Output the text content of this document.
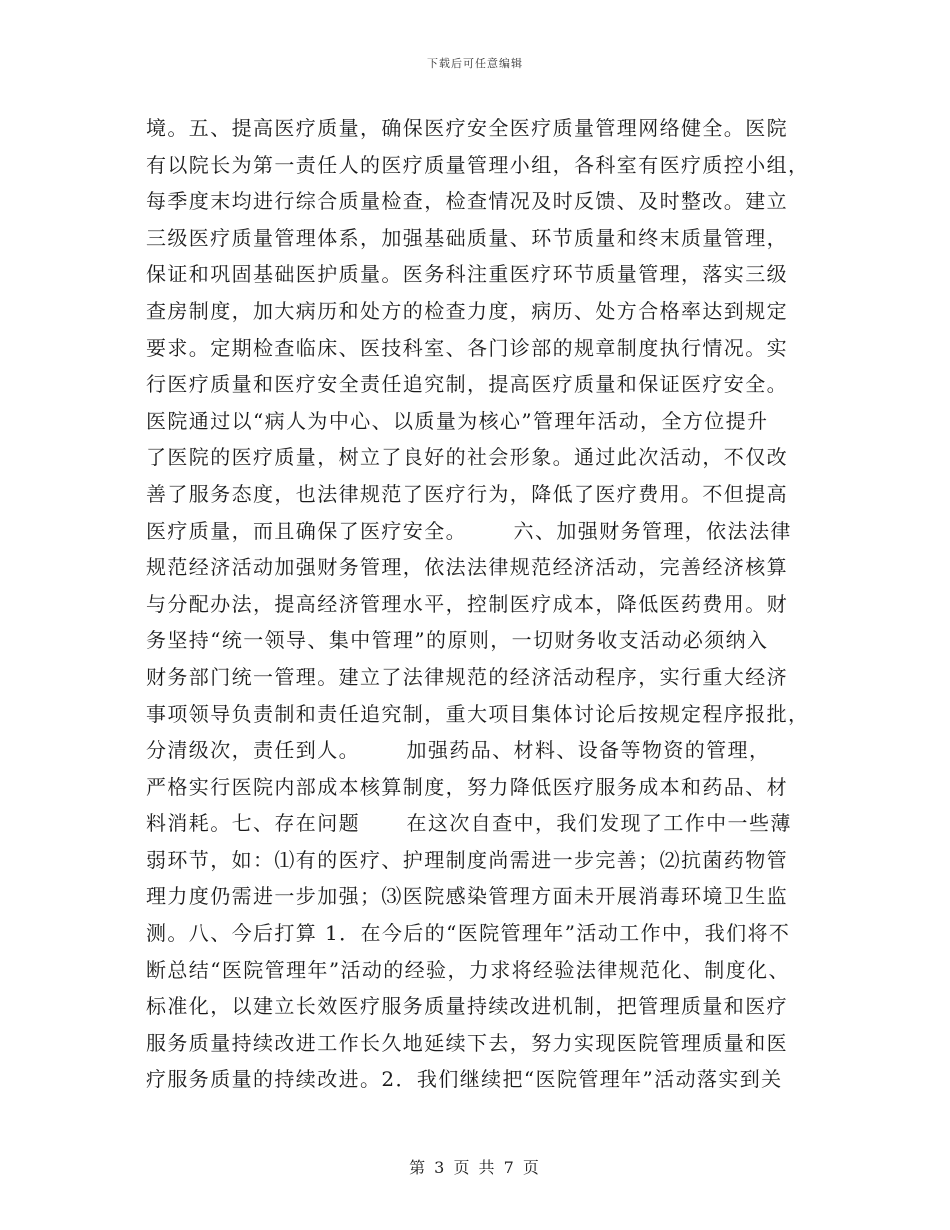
下载后可任意编辑
境。五、提高医疗质量，确保医疗安全医疗质量管理网络健全。医院
有以院长为第一责任人的医疗质量管理小组，各科室有医疗质控小组，
每季度末均进行综合质量检查，检查情况及时反馈、及时整改。建立
三级医疗质量管理体系，加强基础质量、环节质量和终末质量管理，
保证和巩固基础医护质量。医务科注重医疗环节质量管理，落实三级
查房制度，加大病历和处方的检查力度，病历、处方合格率达到规定
要求。定期检查临床、医技科室、各门诊部的规章制度执行情况。实
行医疗质量和医疗安全责任追究制，提高医疗质量和保证医疗安全。
医院通过以“病人为中心、以质量为核心”管理年活动，全方位提升
了医院的医疗质量，树立了良好的社会形象。通过此次活动，不仅改
善了服务态度，也法律规范了医疗行为，降低了医疗费用。不但提高
医疗质量，而且确保了医疗安全。      六、加强财务管理，依法法律
规范经济活动加强财务管理，依法法律规范经济活动，完善经济核算
与分配办法，提高经济管理水平，控制医疗成本，降低医药费用。财
务坚持“统一领导、集中管理”的原则，一切财务收支活动必须纳入
财务部门统一管理。建立了法律规范的经济活动程序，实行重大经济
事项领导负责制和责任追究制，重大项目集体讨论后按规定程序报批，
分清级次，责任到人。      加强药品、材料、设备等物资的管理，
严格实行医院内部成本核算制度，努力降低医疗服务成本和药品、材
料消耗。七、存在问题      在这次自查中，我们发现了工作中一些薄
弱环节，如：⑴有的医疗、护理制度尚需进一步完善；⑵抗菌药物管
理力度仍需进一步加强；⑶医院感染管理方面未开展消毒环境卫生监
测。八、今后打算 1．在今后的“医院管理年”活动工作中，我们将不
断总结“医院管理年”活动的经验，力求将经验法律规范化、制度化、
标准化，以建立长效医疗服务质量持续改进机制，把管理质量和医疗
服务质量持续改进工作长久地延续下去，努力实现医院管理质量和医
疗服务质量的持续改进。2．我们继续把“医院管理年”活动落实到关
第 3 页 共 7 页
